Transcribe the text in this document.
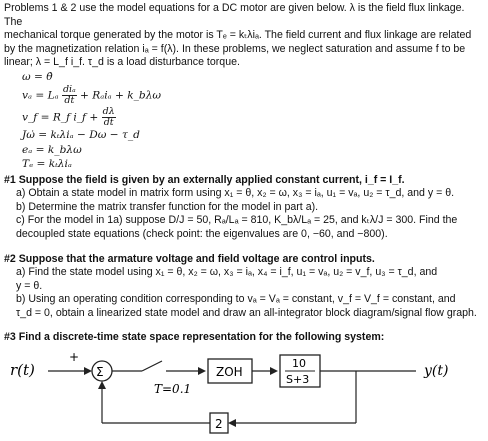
Problems 1 & 2 use the model equations for a DC motor are given below. λ is the field flux linkage. The

mechanical torque generated by the motor is Tₑ = kₜλiₐ. The field current and flux linkage are related

by the magnetization relation iₐ = f(λ). In these problems, we neglect saturation and assume f to be

linear; λ = L_f i_f. τ_d is a load disturbance torque.

ω = θ̇
vₐ = Lₐ $\frac{\text{diₐ}}{dt} + R_ai_a$ + k_bλω
v_f = R_f i_f + $\frac{d\lambda}{dt}$
Jω̇ = kₜλiₐ − Dω − τ_d
eₐ = k_bλω
Tₑ = kₜλiₐ

#1 Suppose the field is given by an externally applied constant current, i_f = I_f.

a) Obtain a state model in matrix form using x₁ = θ, x₂ = ω, x₃ = iₐ, u₁ = vₐ, u₂ = τ_d, and y = θ.

b) Determine the matrix transfer function for the model in part a).

c) For the model in 1a) suppose D/J = 50, Rₐ/Lₐ = 810, K_bλ/Lₐ = 25, and kₜλ/J = 300. Find the

decoupled state equations (check point: the eigenvalues are 0, −60, and −800).

#2 Suppose that the armature voltage and field voltage are control inputs.

a) Find the state model using x₁ = θ, x₂ = ω, x₃ = iₐ, x₄ = i_f, u₁ = vₐ, u₂ = v_f, u₃ = τ_d, and

y = θ.

b) Using an operating condition corresponding to vₐ = Vₐ = constant, v_f = V_f = constant, and

τ_d = 0, obtain a linearized state model and draw an all-integrator block diagram/signal flow graph.

#3 Find a discrete-time state space representation for the following system:

r(t)
+
Σ
T=0.1
ZOH
10
S+3
y(t)
2
